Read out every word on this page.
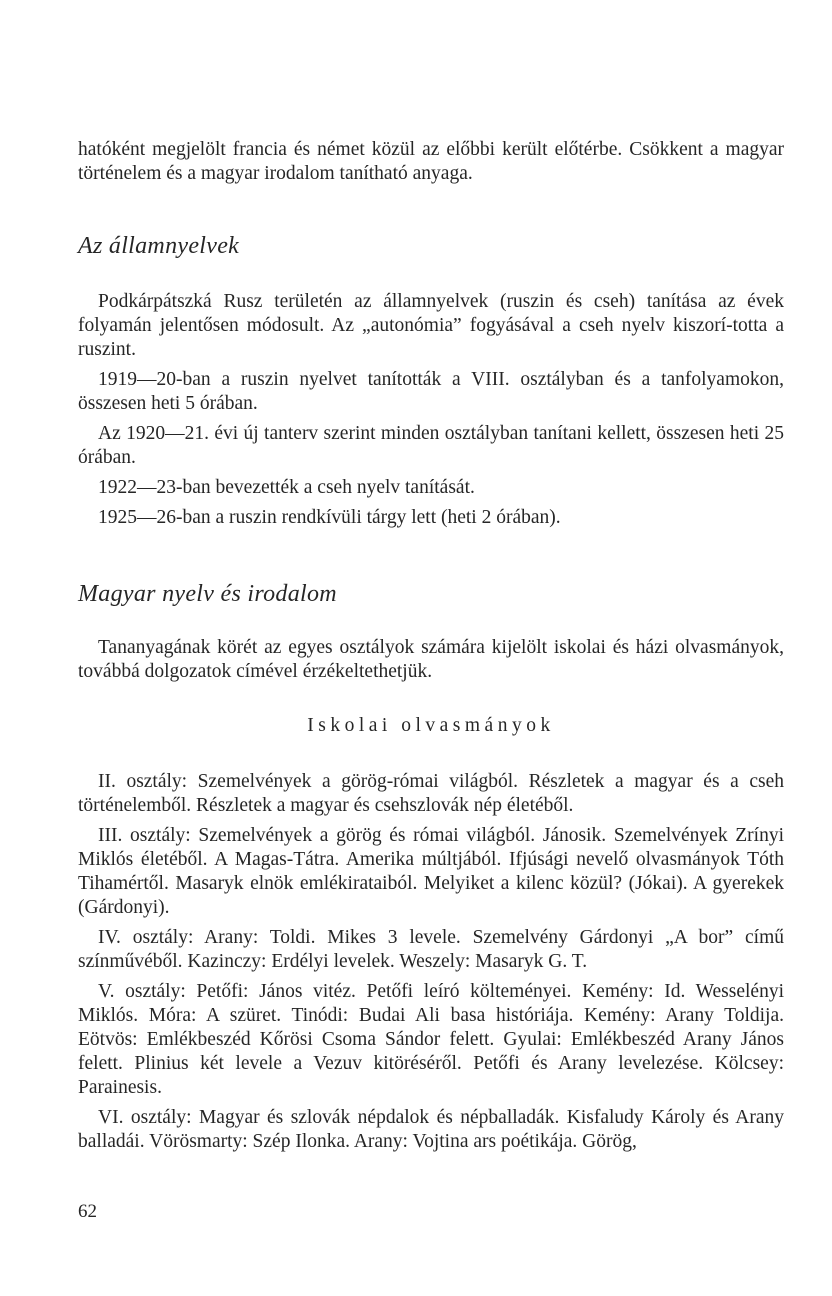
hatóként megjelölt francia és német közül az előbbi került előtérbe. Csökkent a magyar történelem és a magyar irodalom tanítható anyaga.

Az államnyelvek

Podkárpátszká Rusz területén az államnyelvek (ruszin és cseh) tanítása az évek folyamán jelentősen módosult. Az „autonómia” fogyásával a cseh nyelv kiszorí-totta a ruszint.

1919—20-ban a ruszin nyelvet tanították a VIII. osztályban és a tanfolyamokon, összesen heti 5 órában.

Az 1920—21. évi új tanterv szerint minden osztályban tanítani kellett, összesen heti 25 órában.

1922—23-ban bevezették a cseh nyelv tanítását.

1925—26-ban a ruszin rendkívüli tárgy lett (heti 2 órában).

Magyar nyelv és irodalom

Tananyagának körét az egyes osztályok számára kijelölt iskolai és házi olvasmányok, továbbá dolgozatok címével érzékeltethetjük.

Iskolai olvasmányok

II. osztály: Szemelvények a görög-római világból. Részletek a magyar és a cseh történelemből. Részletek a magyar és csehszlovák nép életéből.

III. osztály: Szemelvények a görög és római világból. Jánosik. Szemelvények Zrínyi Miklós életéből. A Magas-Tátra. Amerika múltjából. Ifjúsági nevelő olvasmányok Tóth Tihamértől. Masaryk elnök emlékirataiból. Melyiket a kilenc közül? (Jókai). A gyerekek (Gárdonyi).

IV. osztály: Arany: Toldi. Mikes 3 levele. Szemelvény Gárdonyi „A bor” című színművéből. Kazinczy: Erdélyi levelek. Weszely: Masaryk G. T.

V. osztály: Petőfi: János vitéz. Petőfi leíró költeményei. Kemény: Id. Wesselényi Miklós. Móra: A szüret. Tinódi: Budai Ali basa históriája. Kemény: Arany Toldija. Eötvös: Emlékbeszéd Kőrösi Csoma Sándor felett. Gyulai: Emlékbeszéd Arany János felett. Plinius két levele a Vezuv kitöréséről. Petőfi és Arany levelezése. Kölcsey: Parainesis.

VI. osztály: Magyar és szlovák népdalok és népballadák. Kisfaludy Károly és Arany balladái. Vörösmarty: Szép Ilonka. Arany: Vojtina ars poétikája. Görög,

62
